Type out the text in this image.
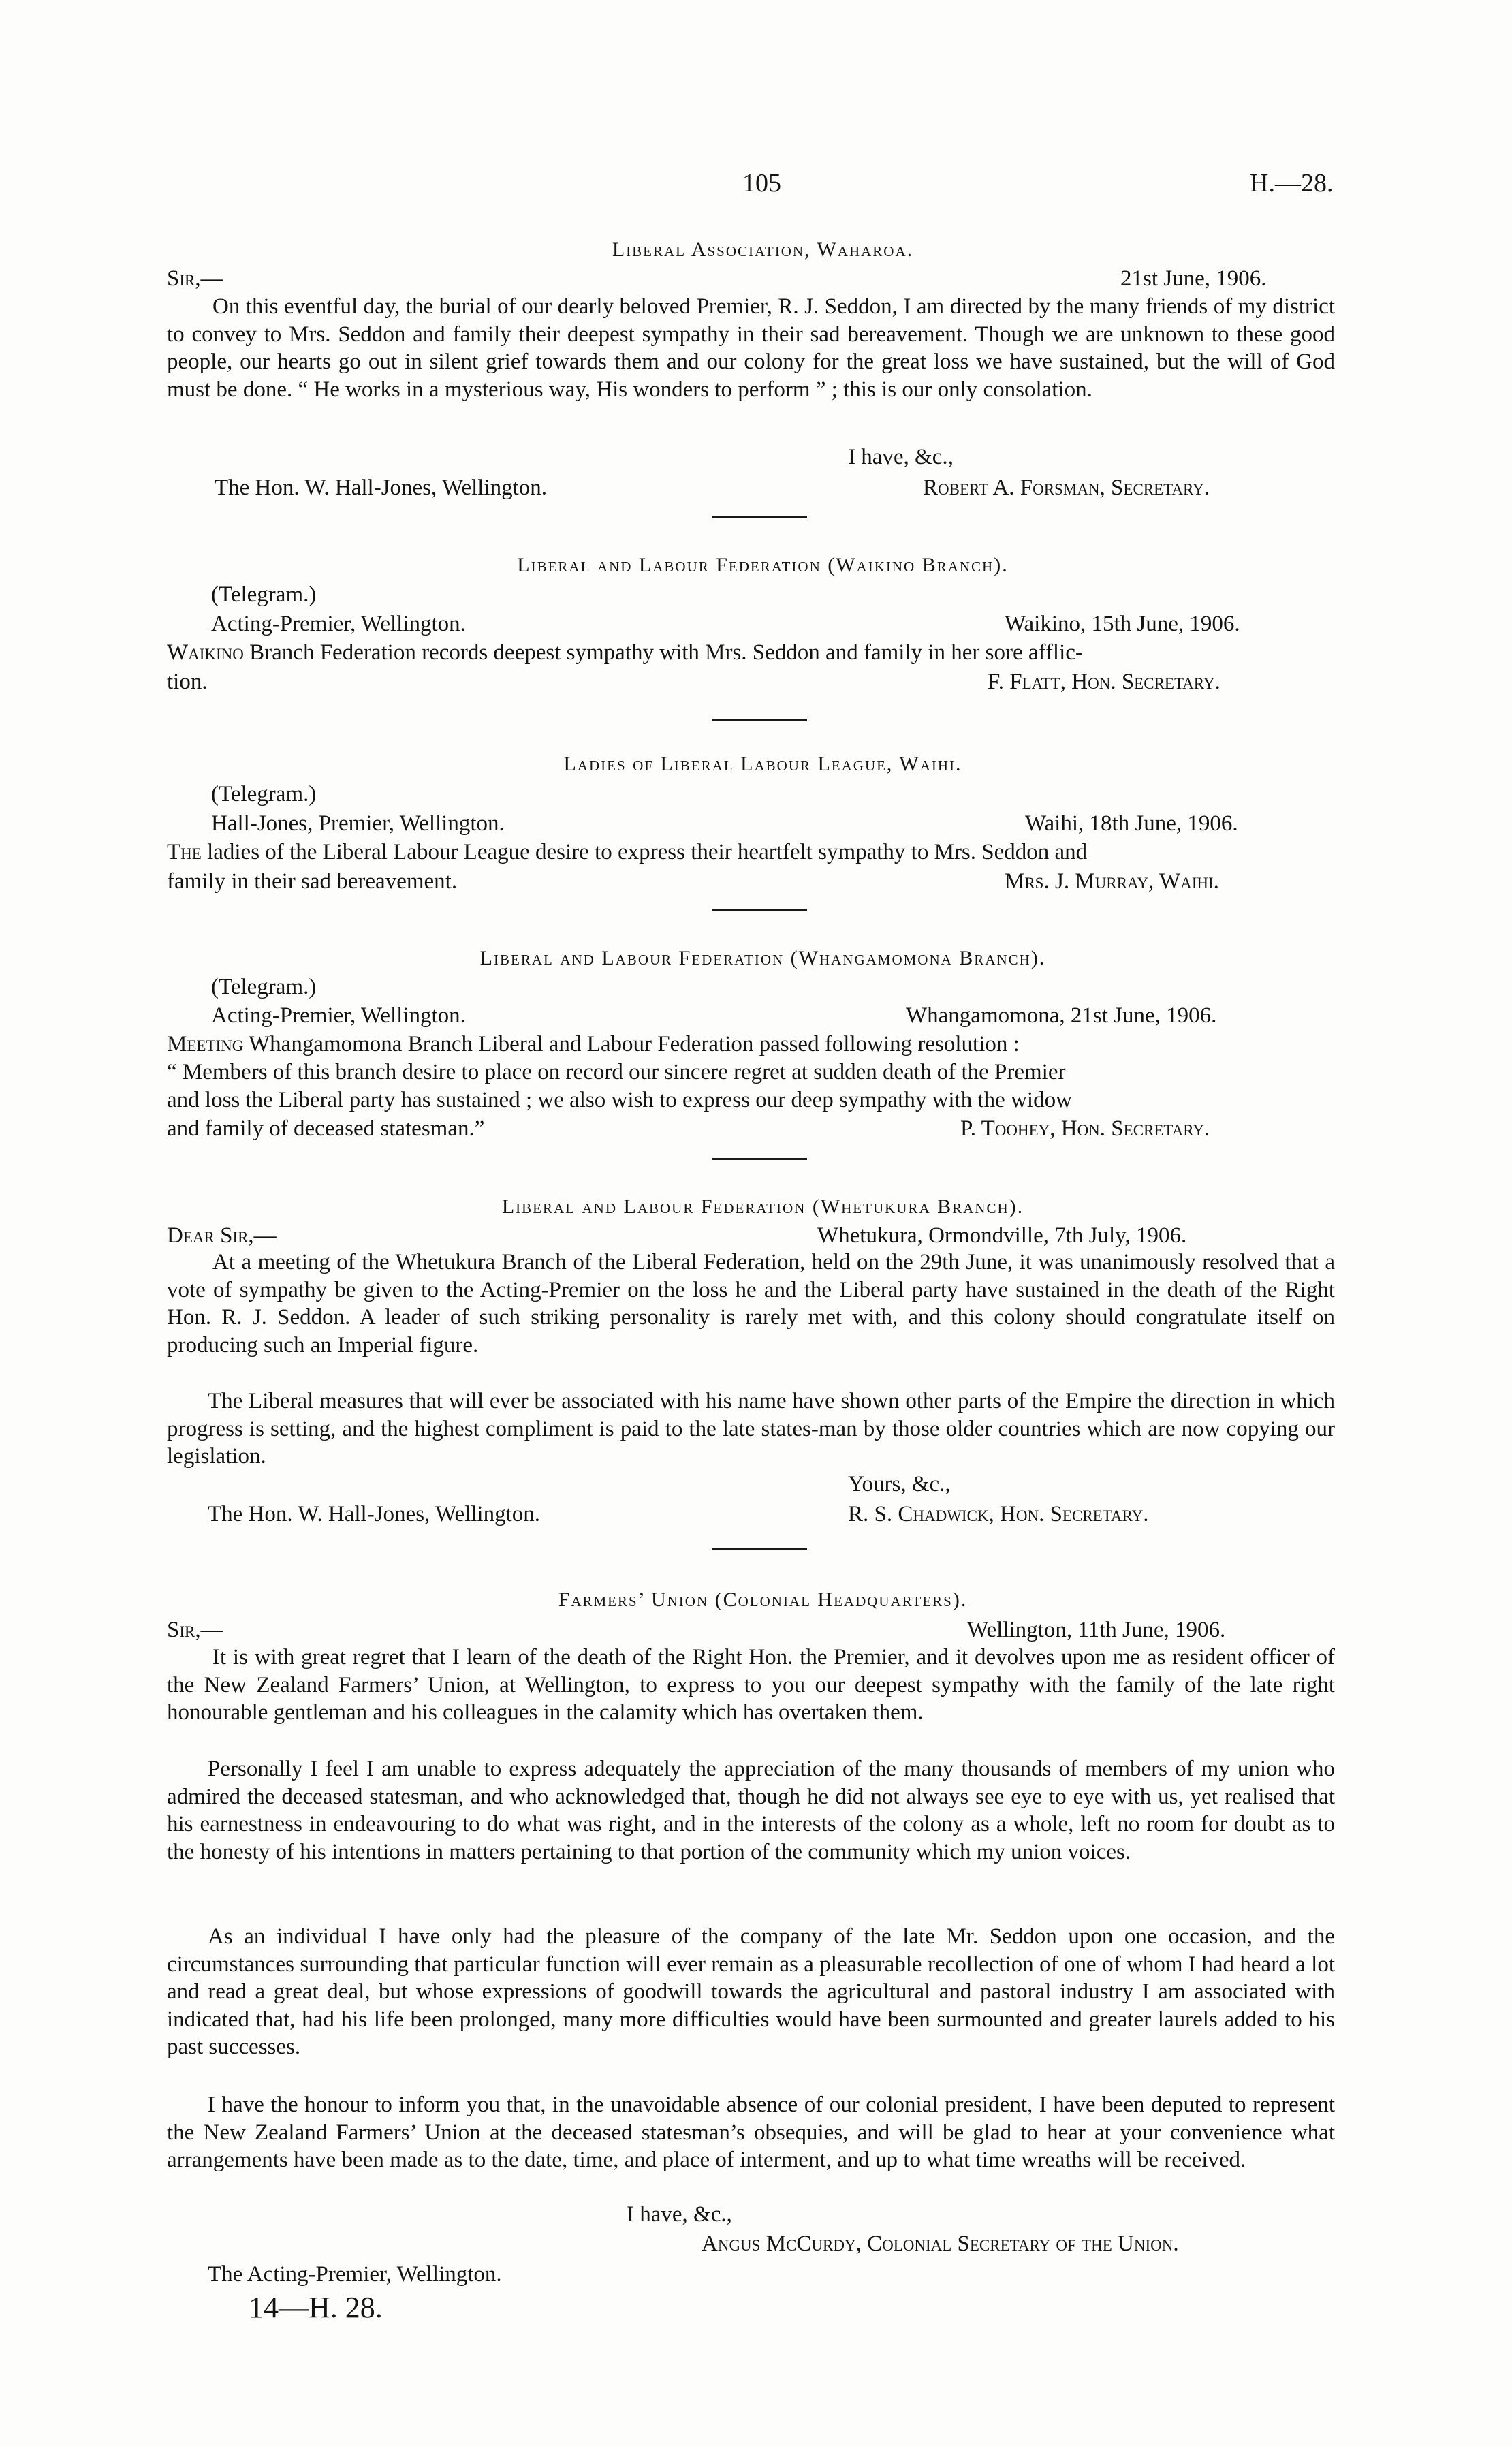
105	H.—28.
Liberal Association, Waharoa.
Sir,—	21st June, 1906.

On this eventful day, the burial of our dearly beloved Premier, R. J. Seddon, I am directed by the many friends of my district to convey to Mrs. Seddon and family their deepest sympathy in their sad bereavement. Though we are unknown to these good people, our hearts go out in silent grief towards them and our colony for the great loss we have sustained, but the will of God must be done. “ He works in a mysterious way, His wonders to perform ” ; this is our only consolation.

I have, &c.,
The Hon. W. Hall-Jones, Wellington.	Robert A. Forsman, Secretary.
Liberal and Labour Federation (Waikino Branch).
(Telegram.)
Acting-Premier, Wellington.	Waikino, 15th June, 1906.
Waikino Branch Federation records deepest sympathy with Mrs. Seddon and family in her sore afflic-
tion.	F. Flatt, Hon. Secretary.
Ladies of Liberal Labour League, Waihi.
(Telegram.)
Hall-Jones, Premier, Wellington.	Waihi, 18th June, 1906.
The ladies of the Liberal Labour League desire to express their heartfelt sympathy to Mrs. Seddon and
family in their sad bereavement.	Mrs. J. Murray, Waihi.
Liberal and Labour Federation (Whangamomona Branch).
(Telegram.)
Acting-Premier, Wellington.	Whangamomona, 21st June, 1906.
Meeting Whangamomona Branch Liberal and Labour Federation passed following resolution :
“ Members of this branch desire to place on record our sincere regret at sudden death of the Premier
and loss the Liberal party has sustained ; we also wish to express our deep sympathy with the widow
and family of deceased statesman.”	P. Toohey, Hon. Secretary.
Liberal and Labour Federation (Whetukura Branch).
Dear Sir,—	Whetukura, Ormondville, 7th July, 1906.

At a meeting of the Whetukura Branch of the Liberal Federation, held on the 29th June, it was unanimously resolved that a vote of sympathy be given to the Acting-Premier on the loss he and the Liberal party have sustained in the death of the Right Hon. R. J. Seddon. A leader of such striking personality is rarely met with, and this colony should congratulate itself on producing such an Imperial figure.

The Liberal measures that will ever be associated with his name have shown other parts of the Empire the direction in which progress is setting, and the highest compliment is paid to the late states-man by those older countries which are now copying our legislation.

Yours, &c.,
The Hon. W. Hall-Jones, Wellington.	R. S. Chadwick, Hon. Secretary.
Farmers’ Union (Colonial Headquarters).
Sir,—	Wellington, 11th June, 1906.

It is with great regret that I learn of the death of the Right Hon. the Premier, and it devolves upon me as resident officer of the New Zealand Farmers’ Union, at Wellington, to express to you our deepest sympathy with the family of the late right honourable gentleman and his colleagues in the calamity which has overtaken them.

Personally I feel I am unable to express adequately the appreciation of the many thousands of members of my union who admired the deceased statesman, and who acknowledged that, though he did not always see eye to eye with us, yet realised that his earnestness in endeavouring to do what was right, and in the interests of the colony as a whole, left no room for doubt as to the honesty of his intentions in matters pertaining to that portion of the community which my union voices.

As an individual I have only had the pleasure of the company of the late Mr. Seddon upon one occasion, and the circumstances surrounding that particular function will ever remain as a pleasurable recollection of one of whom I had heard a lot and read a great deal, but whose expressions of goodwill towards the agricultural and pastoral industry I am associated with indicated that, had his life been prolonged, many more difficulties would have been surmounted and greater laurels added to his past successes.

I have the honour to inform you that, in the unavoidable absence of our colonial president, I have been deputed to represent the New Zealand Farmers’ Union at the deceased statesman’s obsequies, and will be glad to hear at your convenience what arrangements have been made as to the date, time, and place of interment, and up to what time wreaths will be received.

I have, &c.,
Angus McCurdy, Colonial Secretary of the Union.
The Acting-Premier, Wellington.
14—H. 28.
